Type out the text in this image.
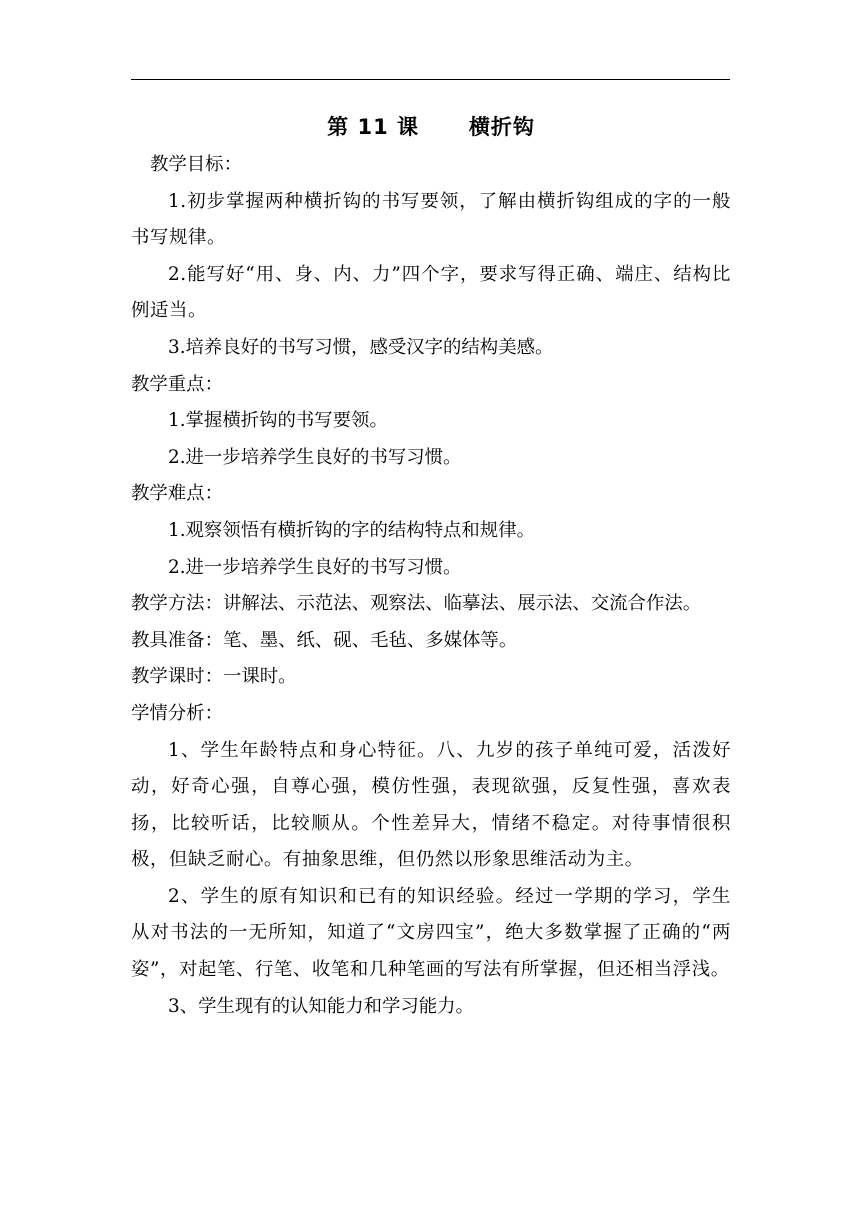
第 11 课      横折钩
教学目标：

1.初步掌握两种横折钩的书写要领，了解由横折钩组成的字的一般书写规律。

2.能写好“用、身、内、力”四个字，要求写得正确、端庄、结构比例适当。

3.培养良好的书写习惯，感受汉字的结构美感。
教学重点：
1.掌握横折钩的书写要领。
2.进一步培养学生良好的书写习惯。
教学难点：
1.观察领悟有横折钩的字的结构特点和规律。
2.进一步培养学生良好的书写习惯。
教学方法：讲解法、示范法、观察法、临摹法、展示法、交流合作法。
教具准备：笔、墨、纸、砚、毛毡、多媒体等。
教学课时：一课时。
学情分析：

1、学生年龄特点和身心特征。八、九岁的孩子单纯可爱，活泼好动，好奇心强，自尊心强，模仿性强，表现欲强，反复性强，喜欢表扬，比较听话，比较顺从。个性差异大，情绪不稳定。对待事情很积极，但缺乏耐心。有抽象思维，但仍然以形象思维活动为主。

2、学生的原有知识和已有的知识经验。经过一学期的学习，学生从对书法的一无所知，知道了“文房四宝”，绝大多数掌握了正确的“两姿”，对起笔、行笔、收笔和几种笔画的写法有所掌握，但还相当浮浅。

3、学生现有的认知能力和学习能力。
